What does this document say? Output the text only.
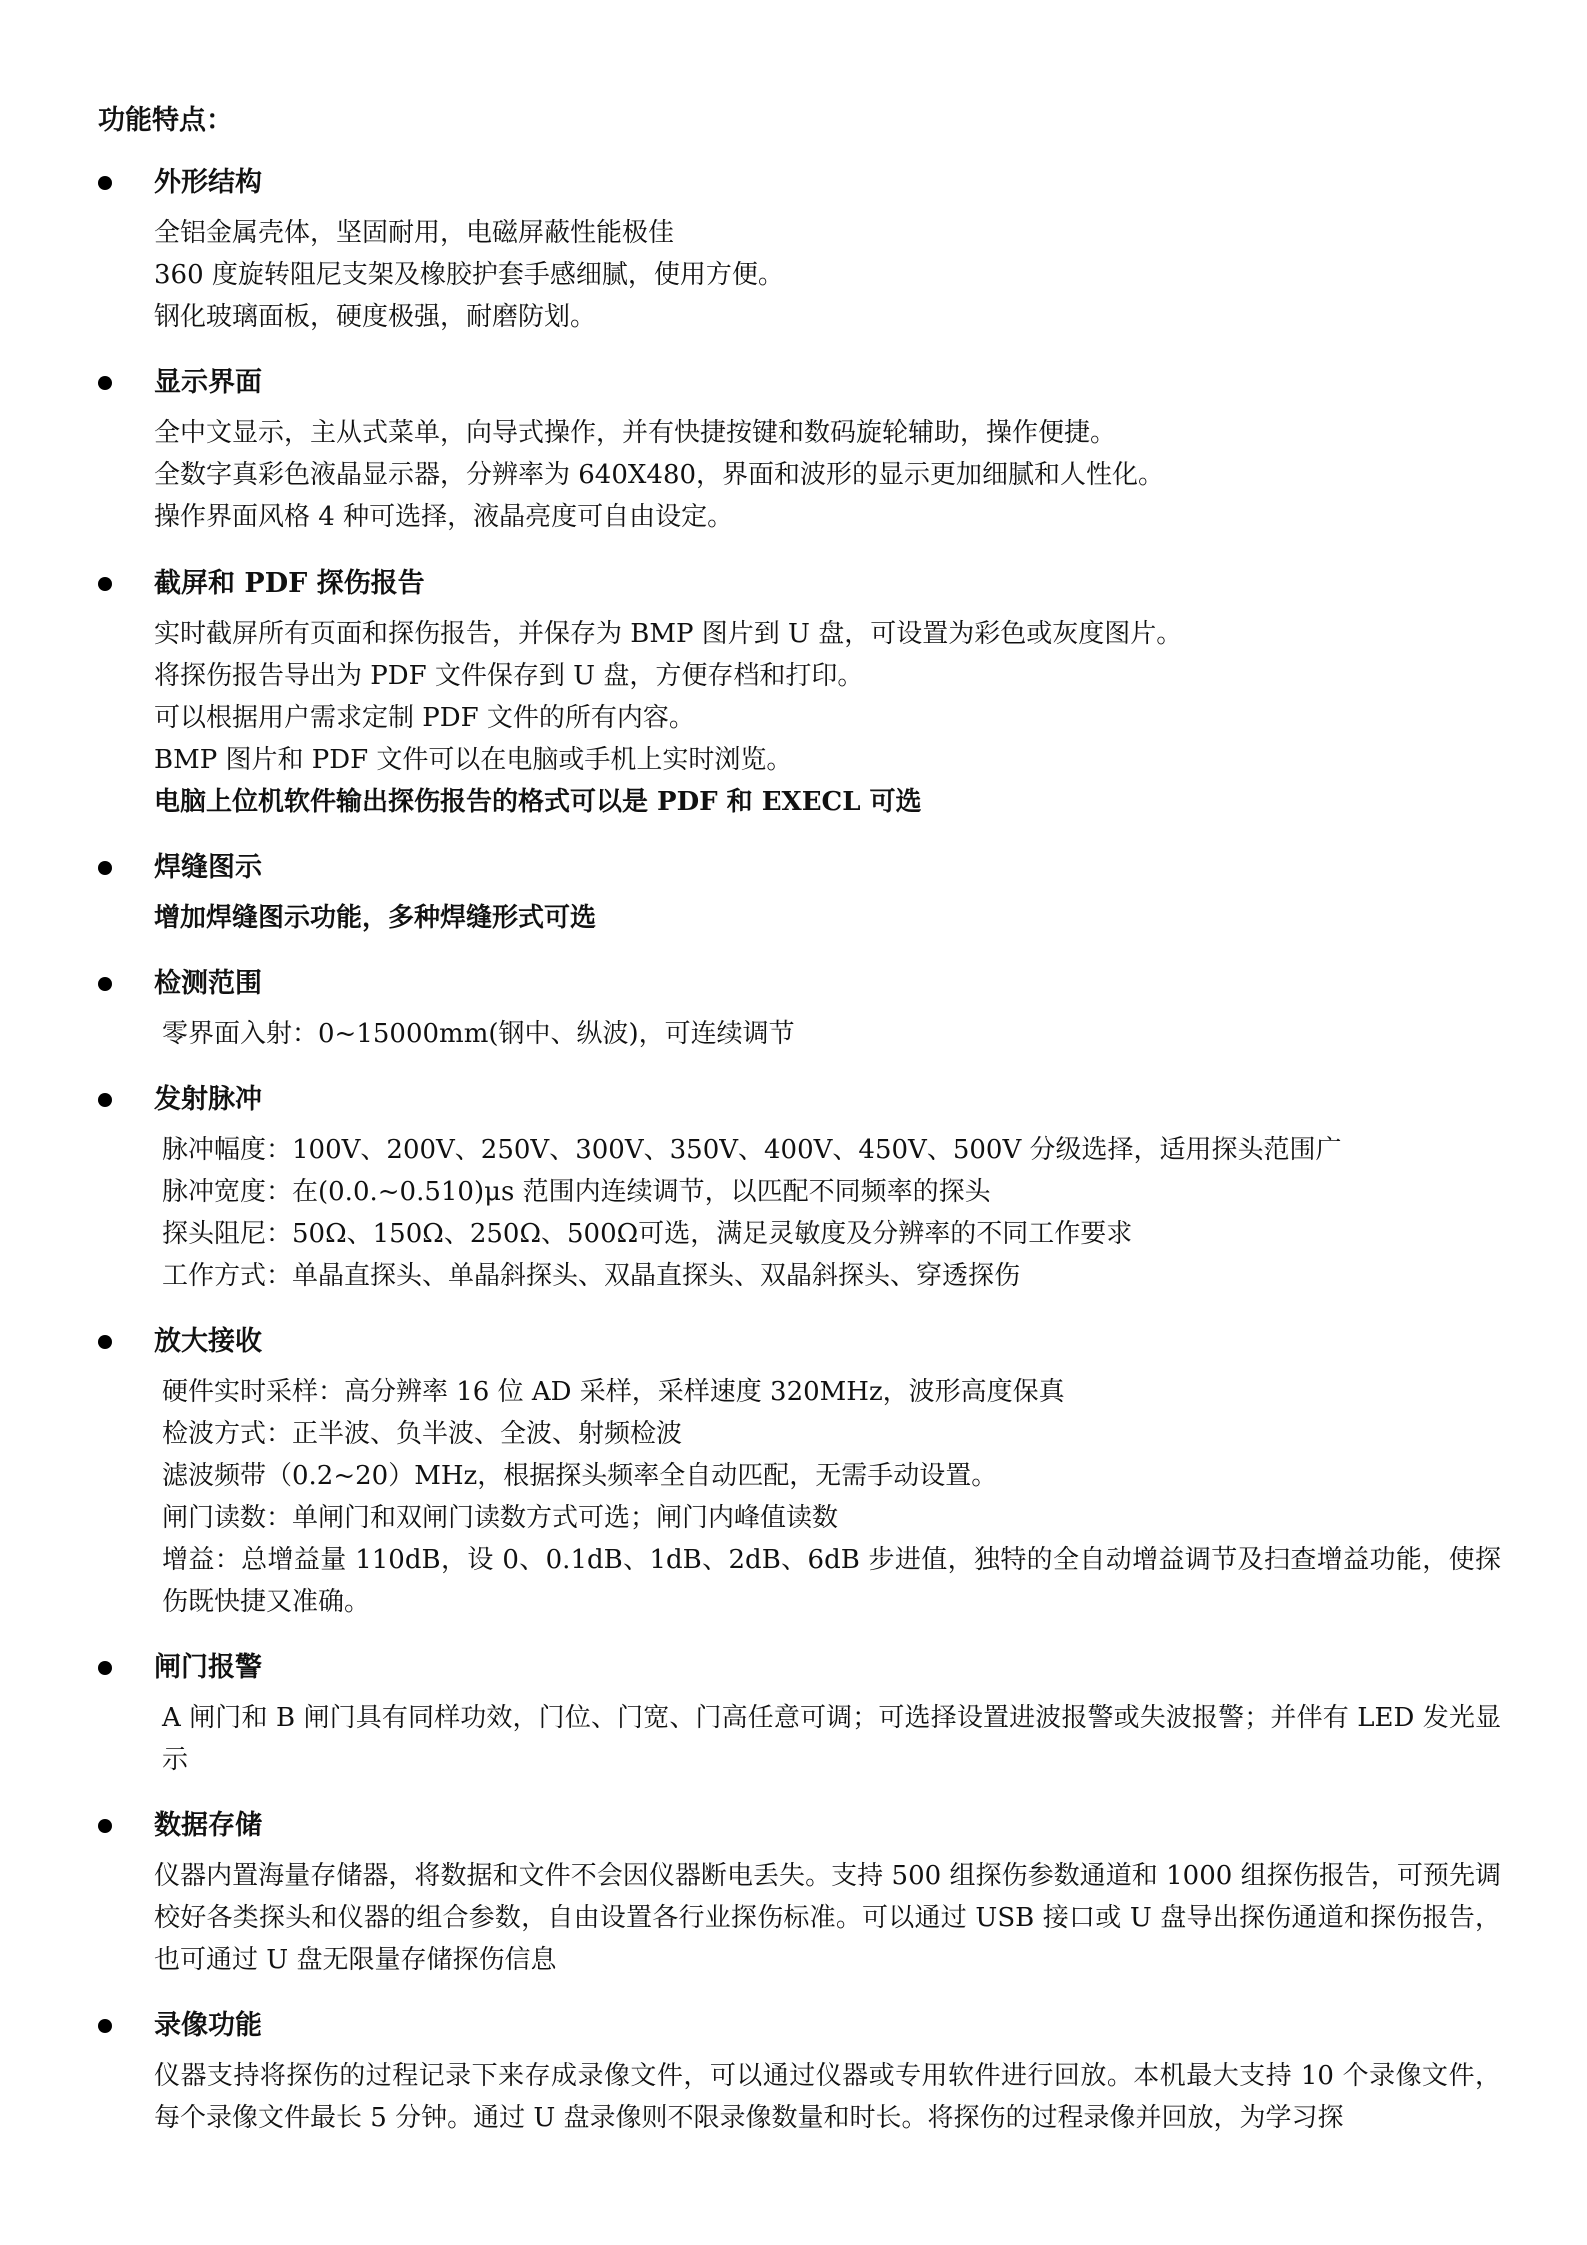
功能特点：
外形结构
全铝金属壳体，坚固耐用，电磁屏蔽性能极佳
360 度旋转阻尼支架及橡胶护套手感细腻，使用方便。
钢化玻璃面板，硬度极强，耐磨防划。
显示界面
全中文显示，主从式菜单，向导式操作，并有快捷按键和数码旋轮辅助，操作便捷。
全数字真彩色液晶显示器，分辨率为 640X480，界面和波形的显示更加细腻和人性化。
操作界面风格 4 种可选择，液晶亮度可自由设定。
截屏和 PDF 探伤报告
实时截屏所有页面和探伤报告，并保存为 BMP 图片到 U 盘，可设置为彩色或灰度图片。
将探伤报告导出为 PDF 文件保存到 U 盘，方便存档和打印。
可以根据用户需求定制 PDF 文件的所有内容。
BMP 图片和 PDF 文件可以在电脑或手机上实时浏览。
电脑上位机软件输出探伤报告的格式可以是 PDF 和 EXECL 可选
焊缝图示
增加焊缝图示功能，多种焊缝形式可选
检测范围
零界面入射：0~15000mm(钢中、纵波)，可连续调节
发射脉冲
脉冲幅度：100V、200V、250V、300V、350V、400V、450V、500V 分级选择，适用探头范围广
脉冲宽度：在(0.0.~0.510)μs 范围内连续调节，以匹配不同频率的探头
探头阻尼：50Ω、150Ω、250Ω、500Ω可选，满足灵敏度及分辨率的不同工作要求
工作方式：单晶直探头、单晶斜探头、双晶直探头、双晶斜探头、穿透探伤
放大接收
硬件实时采样：高分辨率 16 位 AD 采样，采样速度 320MHz，波形高度保真
检波方式：正半波、负半波、全波、射频检波
滤波频带（0.2~20）MHz，根据探头频率全自动匹配，无需手动设置。
闸门读数：单闸门和双闸门读数方式可选；闸门内峰值读数
增益：总增益量 110dB，设 0、0.1dB、1dB、2dB、6dB 步进值，独特的全自动增益调节及扫查增益功能，使探伤既快捷又准确。
闸门报警
A 闸门和 B 闸门具有同样功效，门位、门宽、门高任意可调；可选择设置进波报警或失波报警；并伴有 LED 发光显示
数据存储
仪器内置海量存储器，将数据和文件不会因仪器断电丢失。支持 500 组探伤参数通道和 1000 组探伤报告，可预先调校好各类探头和仪器的组合参数，自由设置各行业探伤标准。可以通过 USB 接口或 U 盘导出探伤通道和探伤报告，也可通过 U 盘无限量存储探伤信息
录像功能
仪器支持将探伤的过程记录下来存成录像文件，可以通过仪器或专用软件进行回放。本机最大支持 10 个录像文件，每个录像文件最长 5 分钟。通过 U 盘录像则不限录像数量和时长。将探伤的过程录像并回放，为学习探
